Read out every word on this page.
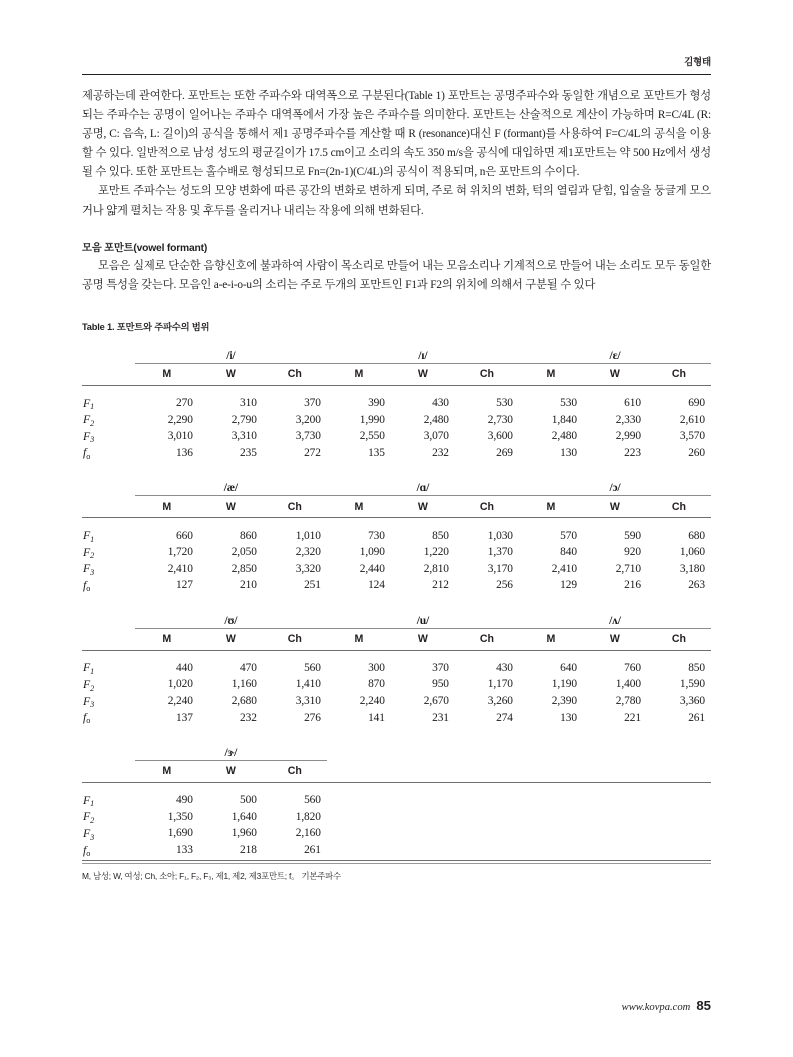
김형태

제공하는데 관여한다. 포만트는 또한 주파수와 대역폭으로 구분된다(Table 1) 포만트는 공명주파수와 동일한 개념으로 포만트가 형성되는 주파수는 공명이 일어나는 주파수 대역폭에서 가장 높은 주파수를 의미한다. 포만트는 산술적으로 계산이 가능하며 R=C/4L (R: 공명, C: 음속, L: 길이)의 공식을 통해서 제1 공명주파수를 계산할 때 R (resonance)대신 F (formant)를 사용하여 F=C/4L의 공식을 이용할 수 있다. 일반적으로 남성 성도의 평균길이가 17.5 cm이고 소리의 속도 350 m/s을 공식에 대입하면 제1포만트는 약 500 Hz에서 생성될 수 있다. 또한 포만트는 홀수배로 형성되므로 Fn=(2n-1)(C/4L)의 공식이 적용되며, n은 포만트의 수이다.

포만트 주파수는 성도의 모양 변화에 따른 공간의 변화로 변하게 되며, 주로 혀 위치의 변화, 턱의 열림과 닫힘, 입술을 둥글게 모으거나 얇게 펼치는 작용 및 후두를 올리거나 내리는 작용에 의해 변화된다.

모음 포만트(vowel formant)

모음은 실제로 단순한 음향신호에 불과하여 사람이 목소리로 만들어 내는 모음소리나 기계적으로 만들어 내는 소리도 모두 동일한 공명 특성을 갖는다. 모음인 a-e-i-o-u의 소리는 주로 두개의 포만트인 F1과 F2의 위치에 의해서 구분될 수 있다

Table 1. 포만트와 주파수의 범위
	/i/			/ɪ/			/ɛ/		
	M	W	Ch	M	W	Ch	M	W	Ch

$F_1$	270	310	370	390	430	530	530	610	690
$F_2$	2,290	2,790	3,200	1,990	2,480	2,730	1,840	2,330	2,610
$F_3$	3,010	3,310	3,730	2,550	3,070	3,600	2,480	2,990	3,570
fo	136	235	272	135	232	269	130	223	260

	/æ/			/ɑ/			/ɔ/		
	M	W	Ch	M	W	Ch	M	W	Ch

$F_1$	660	860	1,010	730	850	1,030	570	590	680
$F_2$	1,720	2,050	2,320	1,090	1,220	1,370	840	920	1,060
$F_3$	2,410	2,850	3,320	2,440	2,810	3,170	2,410	2,710	3,180
fo	127	210	251	124	212	256	129	216	263

	/ʊ/			/u/			/ʌ/		
	M	W	Ch	M	W	Ch	M	W	Ch

$F_1$	440	470	560	300	370	430	640	760	850
$F_2$	1,020	1,160	1,410	870	950	1,170	1,190	1,400	1,590
$F_3$	2,240	2,680	3,310	2,240	2,670	3,260	2,390	2,780	3,360
fo	137	232	276	141	231	274	130	221	261

	/ɝ/								
	M	W	Ch						

$F_1$	490	500	560						
$F_2$	1,350	1,640	1,820						
$F_3$	1,690	1,960	2,160						
fo	133	218	261						
M, 남성; W, 여성; Ch, 소아; F₁, F₂, F₃, 제1, 제2, 제3포만트; f。 기본주파수
www.kovpa.com 85
